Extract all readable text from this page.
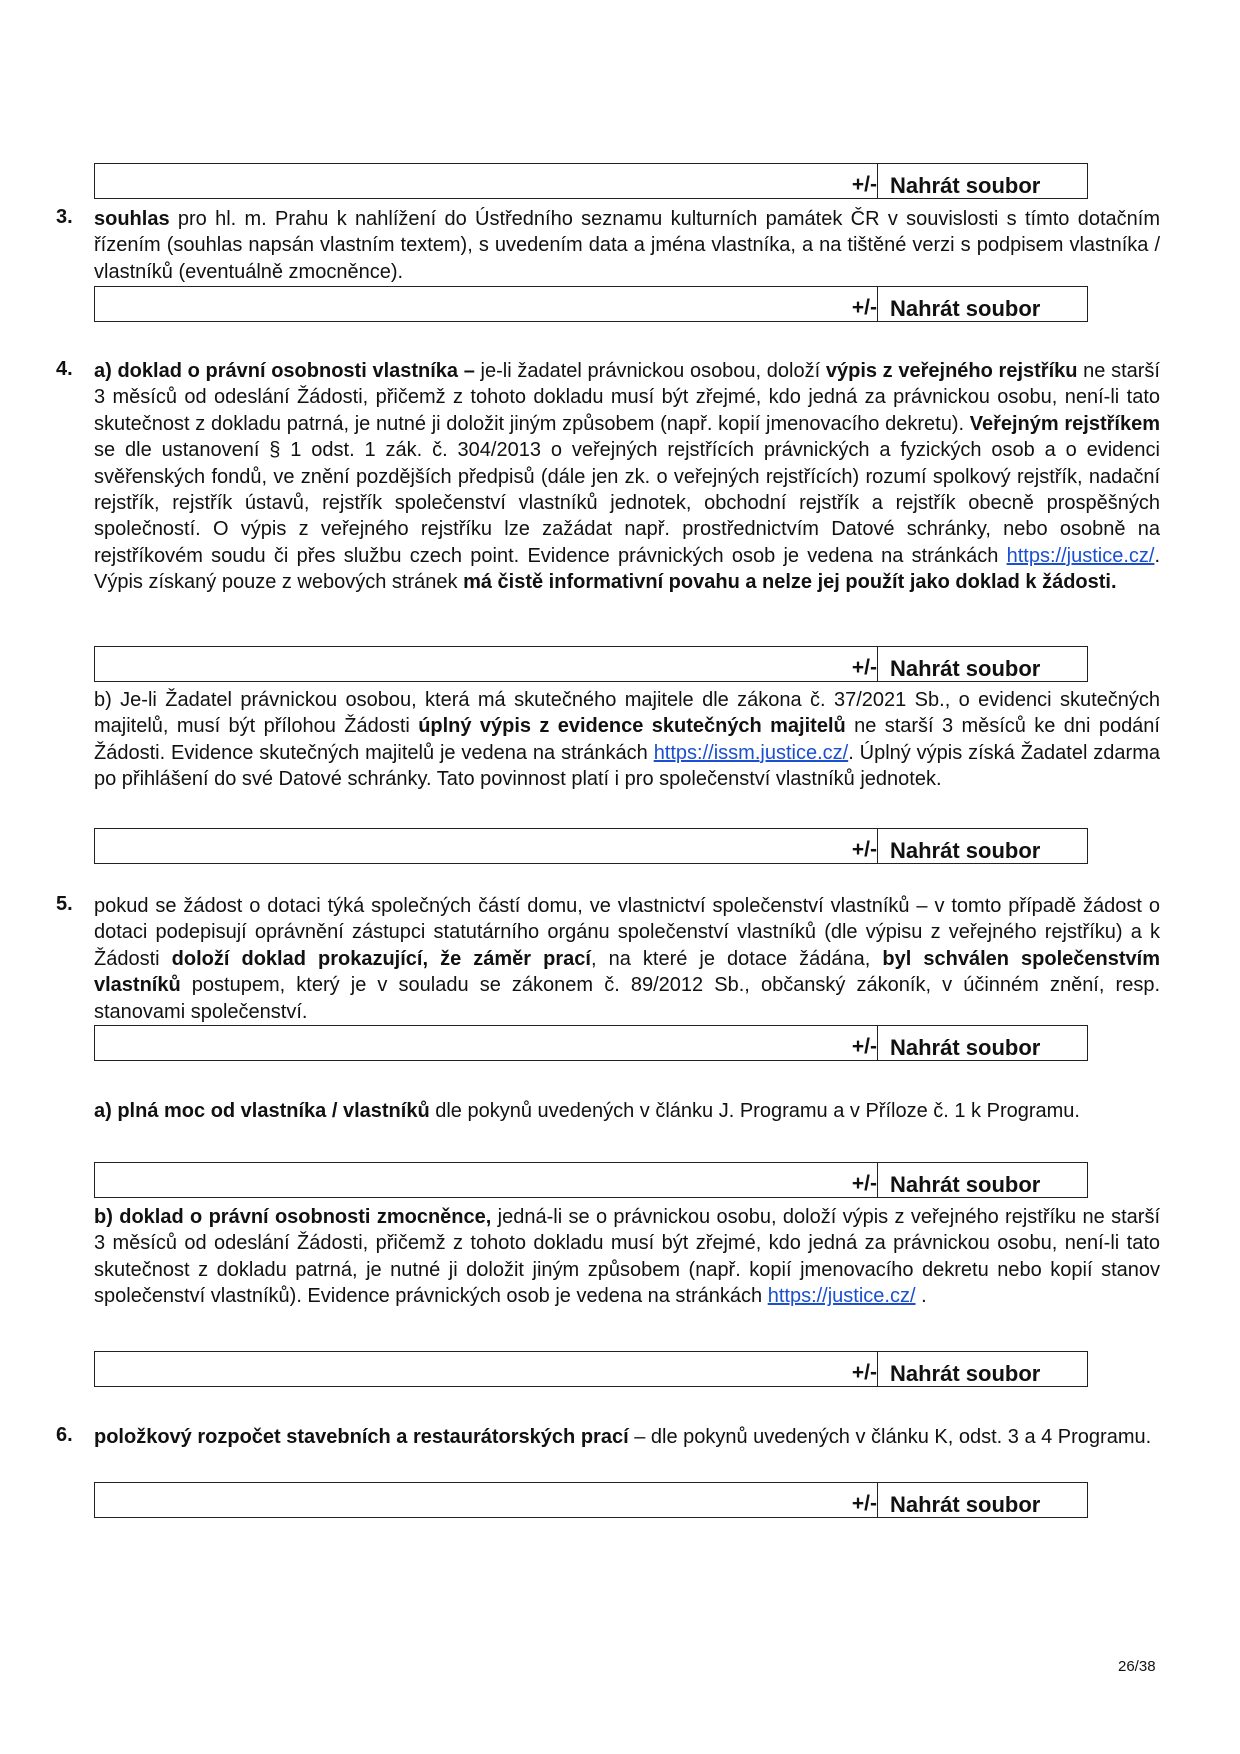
+/- Nahrát soubor
3. souhlas pro hl. m. Prahu k nahlížení do Ústředního seznamu kulturních památek ČR v souvislosti s tímto dotačním řízením (souhlas napsán vlastním textem), s uvedením data a jména vlastníka, a na tištěné verzi s podpisem vlastníka / vlastníků (eventuálně zmocněnce).
+/- Nahrát soubor
4. a) doklad o právní osobnosti vlastníka – je-li žadatel právnickou osobou, doloží výpis z veřejného rejstříku ne starší 3 měsíců od odeslání Žádosti, přičemž z tohoto dokladu musí být zřejmé, kdo jedná za právnickou osobu, není-li tato skutečnost z dokladu patrná, je nutné ji doložit jiným způsobem (např. kopií jmenovacího dekretu). Veřejným rejstříkem se dle ustanovení § 1 odst. 1 zák. č. 304/2013 o veřejných rejstřících právnických a fyzických osob a o evidenci svěřenských fondů, ve znění pozdějších předpisů (dále jen zk. o veřejných rejstřících) rozumí spolkový rejstřík, nadační rejstřík, rejstřík ústavů, rejstřík společenství vlastníků jednotek, obchodní rejstřík a rejstřík obecně prospěšných společností. O výpis z veřejného rejstříku lze zažádat např. prostřednictvím Datové schránky, nebo osobně na rejstříkovém soudu či přes službu czech point. Evidence právnických osob je vedena na stránkách https://justice.cz/. Výpis získaný pouze z webových stránek má čistě informativní povahu a nelze jej použít jako doklad k žádosti.
+/- Nahrát soubor
b) Je-li Žadatel právnickou osobou, která má skutečného majitele dle zákona č. 37/2021 Sb., o evidenci skutečných majitelů, musí být přílohou Žádosti úplný výpis z evidence skutečných majitelů ne starší 3 měsíců ke dni podání Žádosti. Evidence skutečných majitelů je vedena na stránkách https://issm.justice.cz/. Úplný výpis získá Žadatel zdarma po přihlášení do své Datové schránky. Tato povinnost platí i pro společenství vlastníků jednotek.
+/- Nahrát soubor
5. pokud se žádost o dotaci týká společných částí domu, ve vlastnictví společenství vlastníků – v tomto případě žádost o dotaci podepisují oprávnění zástupci statutárního orgánu společenství vlastníků (dle výpisu z veřejného rejstříku) a k Žádosti doloží doklad prokazující, že záměr prací, na které je dotace žádána, byl schválen společenstvím vlastníků postupem, který je v souladu se zákonem č. 89/2012 Sb., občanský zákoník, v účinném znění, resp. stanovami společenství.
+/- Nahrát soubor
a) plná moc od vlastníka / vlastníků dle pokynů uvedených v článku J. Programu a v Příloze č. 1 k Programu.
+/- Nahrát soubor
b) doklad o právní osobnosti zmocněnce, jedná-li se o právnickou osobu, doloží výpis z veřejného rejstříku ne starší 3 měsíců od odeslání Žádosti, přičemž z tohoto dokladu musí být zřejmé, kdo jedná za právnickou osobu, není-li tato skutečnost z dokladu patrná, je nutné ji doložit jiným způsobem (např. kopií jmenovacího dekretu nebo kopií stanov společenství vlastníků). Evidence právnických osob je vedena na stránkách https://justice.cz/ .
+/- Nahrát soubor
6. položkový rozpočet stavebních a restaurátorských prací – dle pokynů uvedených v článku K, odst. 3 a 4 Programu.
+/- Nahrát soubor
26/38
